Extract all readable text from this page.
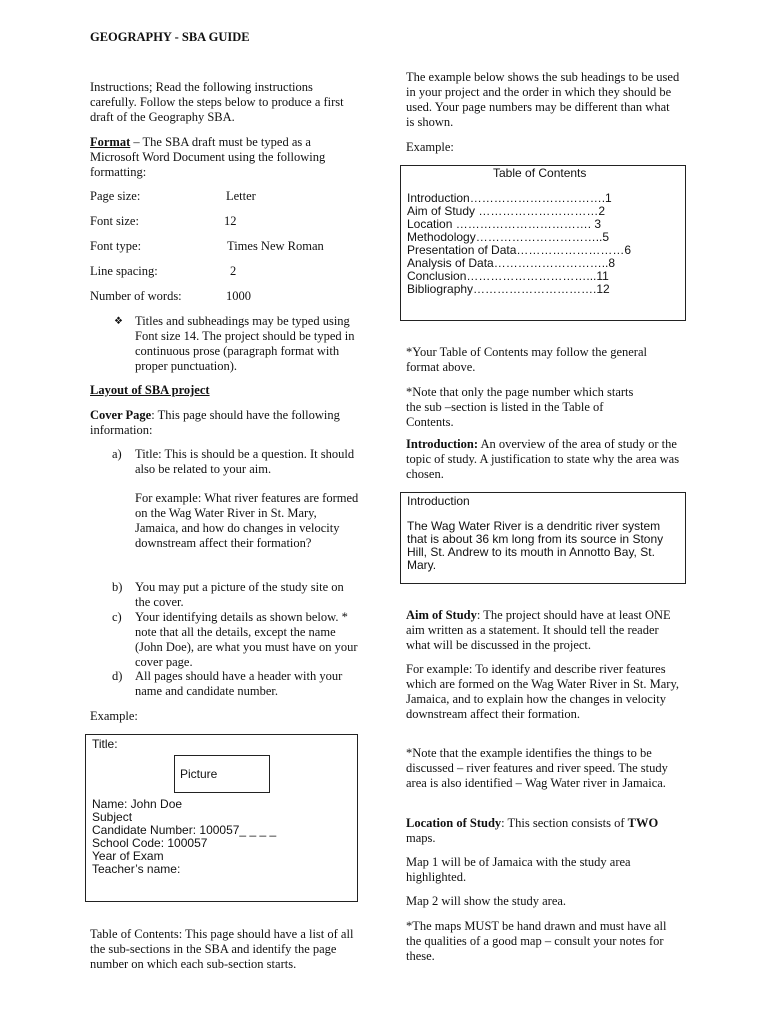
GEOGRAPHY - SBA GUIDE
Instructions; Read the following instructions carefully. Follow the steps below to produce a first draft of the Geography SBA.
Format – The SBA draft must be typed as a Microsoft Word Document using the following formatting:
Page size:	Letter
Font size:	12
Font type:	Times New Roman
Line spacing:	2
Number of words:	1000
❖ Titles and subheadings may be typed using Font size 14. The project should be typed in continuous prose (paragraph format with proper punctuation).
Layout of SBA project
Cover Page: This page should have the following information:
a) Title: This is should be a question. It should also be related to your aim.
For example: What river features are formed on the Wag Water River in St. Mary, Jamaica, and how do changes in velocity downstream affect their formation?
b) You may put a picture of the study site on the cover.
c) Your identifying details as shown below. * note that all the details, except the name (John Doe), are what you must have on your cover page.
d) All pages should have a header with your name and candidate number.
Example:
Table of Contents: This page should have a list of all the sub-sections in the SBA and identify the page number on which each sub-section starts.
Title:
Picture
Name: John Doe
Subject
Candidate Number: 100057_ _ _ _
School Code: 100057
Year of Exam
Teacher’s name:

The example below shows the sub headings to be used in your project and the order in which they should be used. Your page numbers may be different than what is shown.
Example:
*Your Table of Contents may follow the general format above.
*Note that only the page number which starts the sub –section is listed in the Table of Contents.
Introduction: An overview of the area of study or the topic of study. A justification to state why the area was chosen.
Aim of Study: The project should have at least ONE aim written as a statement. It should tell the reader what will be discussed in the project.
For example: To identify and describe river features which are formed on the Wag Water River in St. Mary, Jamaica, and to explain how the changes in velocity downstream affect their formation.
*Note that the example identifies the things to be discussed – river features and river speed. The study area is also identified – Wag Water river in Jamaica.
Location of Study: This section consists of TWO maps.
Map 1 will be of Jamaica with the study area highlighted.
Map 2 will show the study area.
*The maps MUST be hand drawn and must have all the qualities of a good map – consult your notes for these.
Table of Contents
Introduction…………………………….1
Aim of Study …………………………2
Location ……………………………. 3
Methodology…………………………..5
Presentation of Data………………………6
Analysis of Data………………………..8
Conclusion…………………………...11
Bibliography………………………….12
Introduction
The Wag Water River is a dendritic river system that is about 36 km long from its source in Stony Hill, St. Andrew to its mouth in Annotto Bay, St. Mary.
